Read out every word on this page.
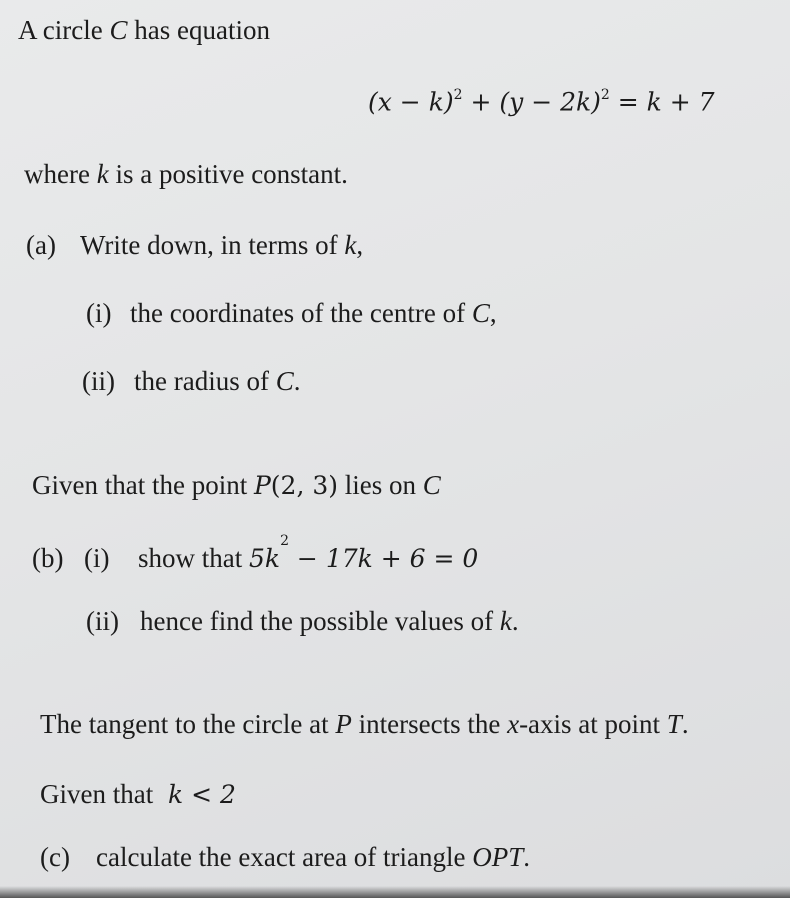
A circle C has equation
$(x - k)^2 + (y - 2k)^2 = k + 7$
where k is a positive constant.
(a) Write down, in terms of k,
(i) the coordinates of the centre of C,
(ii) the radius of C.
Given that the point P(2, 3) lies on C
(b) (i) show that $5k^2 - 17k + 6 = 0$
(ii) hence find the possible values of k.
The tangent to the circle at P intersects the x-axis at point T.
Given that k < 2
(c) calculate the exact area of triangle OPT.
